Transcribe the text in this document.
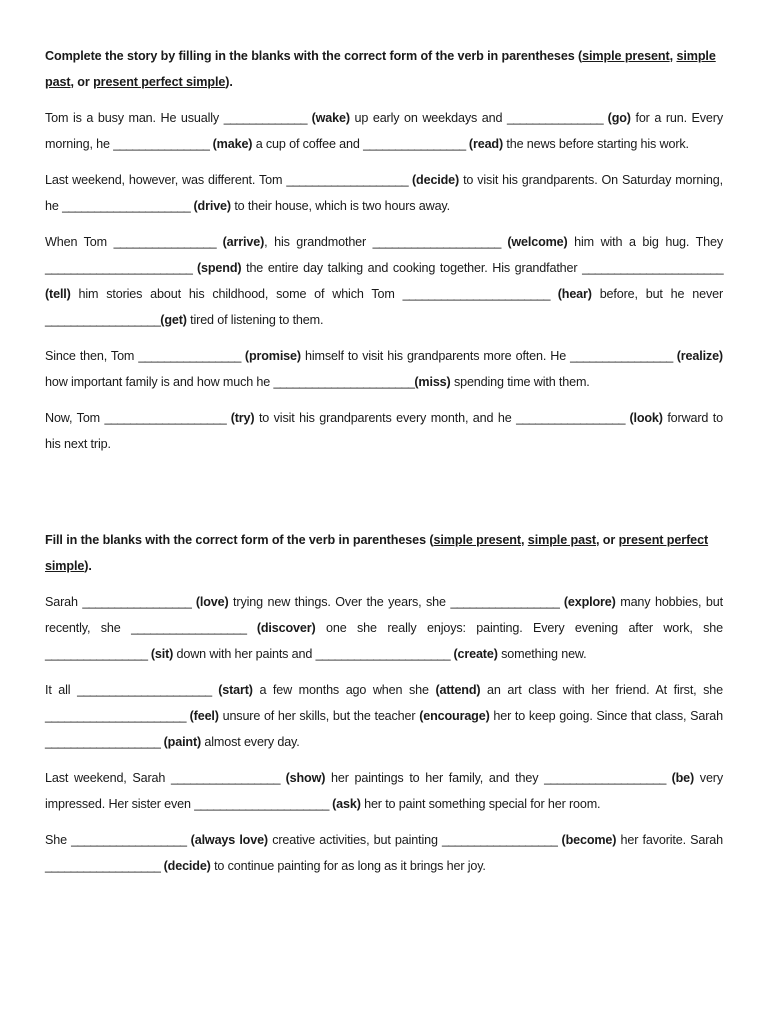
Complete the story by filling in the blanks with the correct form of the verb in parentheses (simple present, simple past, or present perfect simple).

Tom is a busy man. He usually _____________ (wake) up early on weekdays and _______________ (go) for a run. Every morning, he _______________ (make) a cup of coffee and ________________ (read) the news before starting his work.

Last weekend, however, was different. Tom ___________________ (decide) to visit his grandparents. On Saturday morning, he ____________________ (drive) to their house, which is two hours away.

When Tom ________________ (arrive), his grandmother ____________________ (welcome) him with a big hug. They _______________________ (spend) the entire day talking and cooking together. His grandfather ______________________ (tell) him stories about his childhood, some of which Tom _______________________ (hear) before, but he never __________________(get) tired of listening to them.

Since then, Tom ________________ (promise) himself to visit his grandparents more often. He ________________ (realize) how important family is and how much he ______________________(miss) spending time with them.

Now, Tom ___________________ (try) to visit his grandparents every month, and he _________________ (look) forward to his next trip.

Fill in the blanks with the correct form of the verb in parentheses (simple present, simple past, or present perfect simple).

Sarah _________________ (love) trying new things. Over the years, she _________________ (explore) many hobbies, but recently, she __________________ (discover) one she really enjoys: painting. Every evening after work, she ________________ (sit) down with her paints and _____________________ (create) something new.

It all _____________________ (start) a few months ago when she (attend) an art class with her friend. At first, she ______________________ (feel) unsure of her skills, but the teacher (encourage) her to keep going. Since that class, Sarah __________________ (paint) almost every day.

Last weekend, Sarah _________________ (show) her paintings to her family, and they ___________________ (be) very impressed. Her sister even _____________________ (ask) her to paint something special for her room.

She __________________ (always love) creative activities, but painting __________________ (become) her favorite. Sarah __________________ (decide) to continue painting for as long as it brings her joy.
